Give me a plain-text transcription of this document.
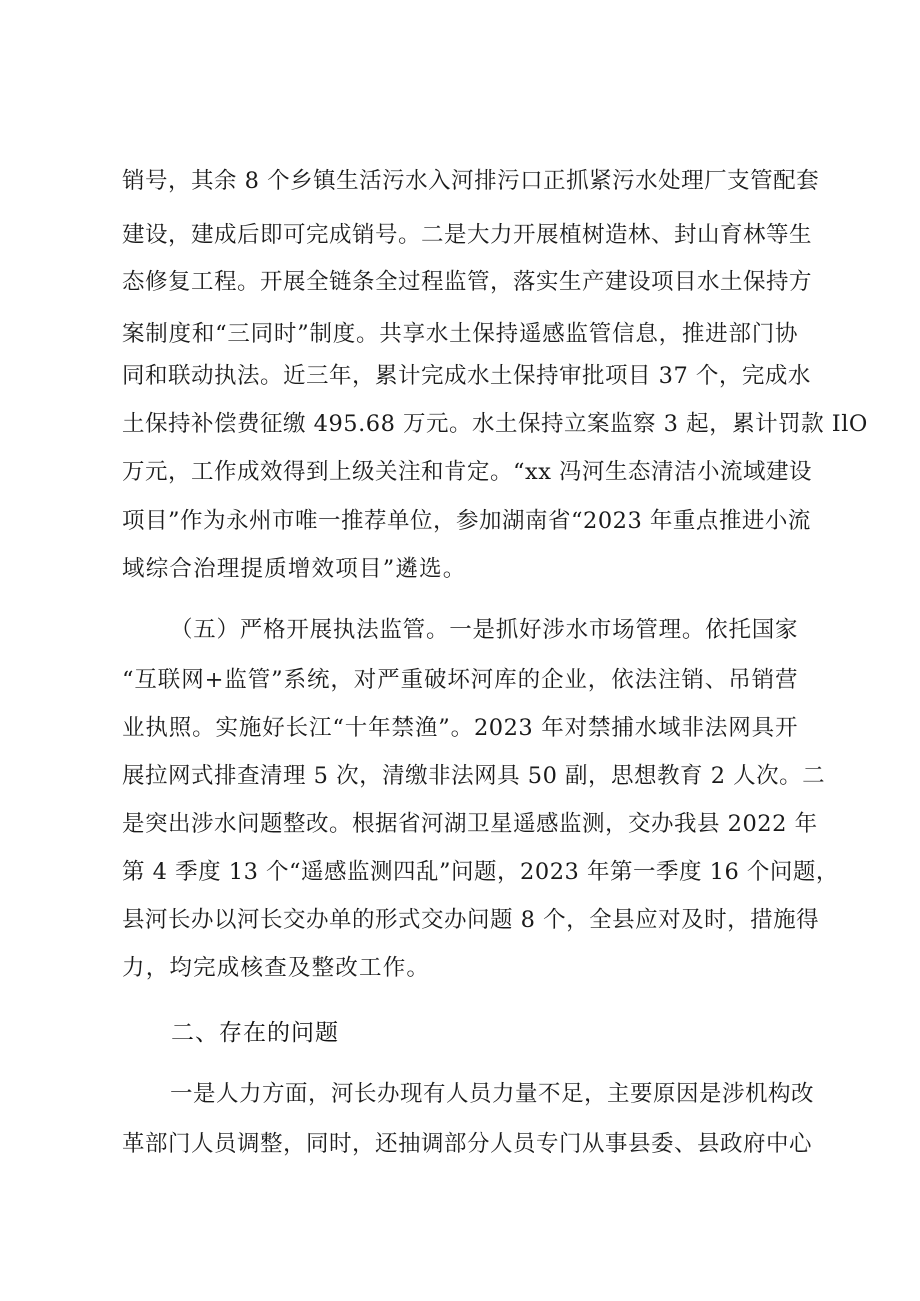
销号，其余 8 个乡镇生活污水入河排污口正抓紧污水处理厂支管配套
建设，建成后即可完成销号。二是大力开展植树造林、封山育林等生
态修复工程。开展全链条全过程监管，落实生产建设项目水土保持方
案制度和“三同时”制度。共享水土保持遥感监管信息，推进部门协
同和联动执法。近三年，累计完成水土保持审批项目 37 个，完成水
土保持补偿费征缴 495.68 万元。水土保持立案监察 3 起，累计罚款 IlO
万元，工作成效得到上级关注和肯定。“xx 冯河生态清洁小流域建设
项目”作为永州市唯一推荐单位，参加湖南省“2023 年重点推进小流
域综合治理提质增效项目”遴选。
（五）严格开展执法监管。一是抓好涉水市场管理。依托国家
“互联网+监管”系统，对严重破坏河库的企业，依法注销、吊销营
业执照。实施好长江“十年禁渔”。2023 年对禁捕水域非法网具开
展拉网式排查清理 5 次，清缴非法网具 50 副，思想教育 2 人次。二
是突出涉水问题整改。根据省河湖卫星遥感监测，交办我县 2022 年
第 4 季度 13 个“遥感监测四乱”问题，2023 年第一季度 16 个问题，
县河长办以河长交办单的形式交办问题 8 个，全县应对及时，措施得
力，均完成核查及整改工作。
二、存在的问题
一是人力方面，河长办现有人员力量不足，主要原因是涉机构改
革部门人员调整，同时，还抽调部分人员专门从事县委、县政府中心
